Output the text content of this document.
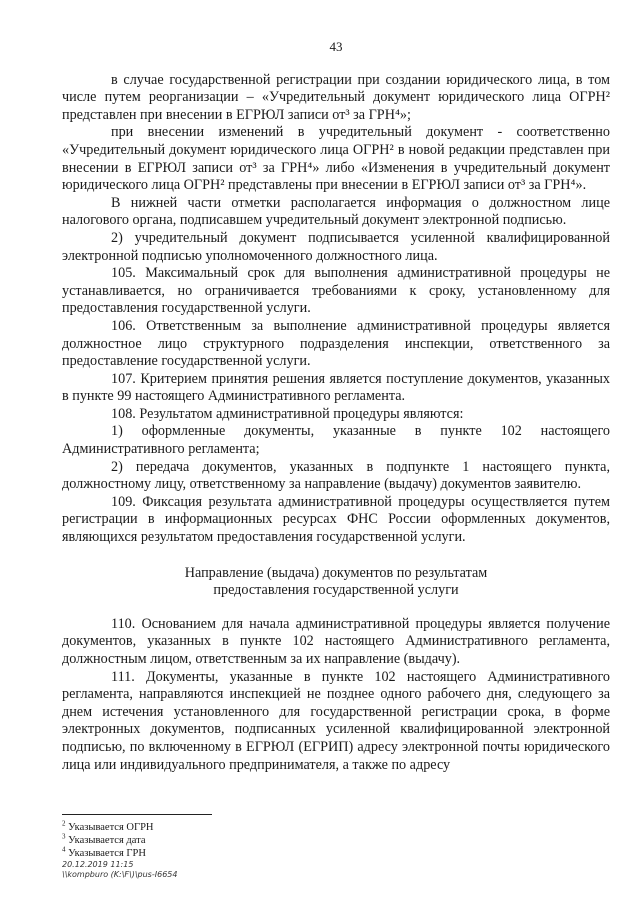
43

в случае государственной регистрации при создании юридического лица, в том числе путем реорганизации – «Учредительный документ юридического лица ОГРН² представлен при внесении в ЕГРЮЛ записи от³ за ГРН⁴»;

при внесении изменений в учредительный документ - соответственно «Учредительный документ юридического лица ОГРН² в новой редакции представлен при внесении в ЕГРЮЛ записи от³ за ГРН⁴» либо «Изменения в учредительный документ юридического лица ОГРН² представлены при внесении в ЕГРЮЛ записи от³ за ГРН⁴».

В нижней части отметки располагается информация о должностном лице налогового органа, подписавшем учредительный документ электронной подписью.

2) учредительный документ подписывается усиленной квалифицированной электронной подписью уполномоченного должностного лица.

105. Максимальный срок для выполнения административной процедуры не устанавливается, но ограничивается требованиями к сроку, установленному для предоставления государственной услуги.

106. Ответственным за выполнение административной процедуры является должностное лицо структурного подразделения инспекции, ответственного за предоставление государственной услуги.

107. Критерием принятия решения является поступление документов, указанных в пункте 99 настоящего Административного регламента.

108. Результатом административной процедуры являются:

1) оформленные документы, указанные в пункте 102 настоящего Административного регламента;

2) передача документов, указанных в подпункте 1 настоящего пункта, должностному лицу, ответственному за направление (выдачу) документов заявителю.

109. Фиксация результата административной процедуры осуществляется путем регистрации в информационных ресурсах ФНС России оформленных документов, являющихся результатом предоставления государственной услуги.

Направление (выдача) документов по результатам
предоставления государственной услуги

110. Основанием для начала административной процедуры является получение документов, указанных в пункте 102 настоящего Административного регламента, должностным лицом, ответственным за их направление (выдачу).

111. Документы, указанные в пункте 102 настоящего Административного регламента, направляются инспекцией не позднее одного рабочего дня, следующего за днем истечения установленного для государственной регистрации срока, в форме электронных документов, подписанных усиленной квалифицированной электронной подписью, по включенному в ЕГРЮЛ (ЕГРИП) адресу электронной почты юридического лица или индивидуального предпринимателя, а также по адресу

$^2$ Указывается ОГРН

$^3$ Указывается дата

$^4$ Указывается ГРН

20.12.2019 11:15

\\kompburo (K:\F\)\pus-I6654
